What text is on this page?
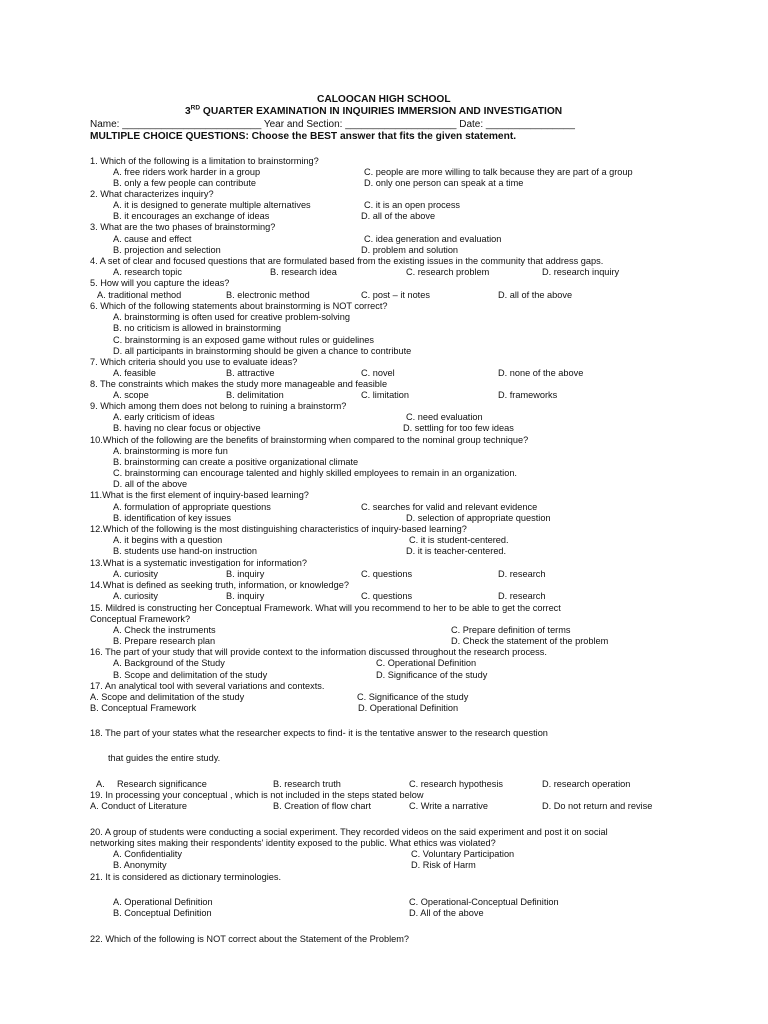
CALOOCAN HIGH SCHOOL
3RD QUARTER EXAMINATION IN INQUIRIES IMMERSION AND INVESTIGATION
Name: _________________________ Year and Section: ____________________ Date: ________________
MULTIPLE CHOICE QUESTIONS: Choose the BEST answer that fits the given statement.
1. Which of the following is a limitation to brainstorming?
A. free riders work harder in a group	C. people are more willing to talk because they are part of a group
B. only a few people can contribute	D. only one person can speak at a time
2. What characterizes inquiry?
A. it is designed to generate multiple alternatives	C. it is an open process
B. it encourages an exchange of ideas	D. all of the above
3. What are the two phases of brainstorming?
A. cause and effect	C. idea generation and evaluation
B. projection and selection	D. problem and solution
4. A set of clear and focused questions that are formulated based from the existing issues in the community that address gaps.
A. research topic	B. research idea	C. research problem	D. research inquiry
5. How will you capture the ideas?
A. traditional method	B. electronic method	C. post – it notes	D. all of the above
6. Which of the following statements about brainstorming is NOT correct?
A. brainstorming is often used for creative problem-solving
B. no criticism is allowed in brainstorming
C. brainstorming is an exposed game without rules or guidelines
D. all participants in brainstorming should be given a chance to contribute
7. Which criteria should you use to evaluate ideas?
A. feasible	B. attractive	C. novel	D. none of the above
8. The constraints which makes the study more manageable and feasible
A. scope	B. delimitation	C. limitation	D. frameworks
9. Which among them does not belong to ruining a brainstorm?
A. early criticism of ideas	C. need evaluation
B. having no clear focus or objective	D. settling for too few ideas
10.Which of the following are the benefits of brainstorming when compared to the nominal group technique?
A. brainstorming is more fun
B. brainstorming can create a positive organizational climate
C. brainstorming can encourage talented and highly skilled employees to remain in an organization.
D. all of the above
11.What is the first element of inquiry-based learning?
A. formulation of appropriate questions	C. searches for valid and relevant evidence
B. identification of key issues	D. selection of appropriate question
12.Which of the following is the most distinguishing characteristics of inquiry-based learning?
A. it begins with a question	C. it is student-centered.
B. students use hand-on instruction	D. it is teacher-centered.
13.What is a systematic investigation for information?
A. curiosity	B. inquiry	C. questions	D. research
14.What is defined as seeking truth, information, or knowledge?
A. curiosity	B. inquiry	C. questions	D. research
15. Mildred is constructing her Conceptual Framework. What will you recommend to her to be able to get the correct
Conceptual Framework?
A. Check the instruments	C. Prepare definition of terms
B. Prepare research plan	D. Check the statement of the problem
16. The part of your study that will provide context to the information discussed throughout the research process.
A. Background of the Study	C. Operational Definition
B. Scope and delimitation of the study	D. Significance of the study
17. An analytical tool with several variations and contexts.
A. Scope and delimitation of the study	C. Significance of the study
B. Conceptual Framework	D. Operational Definition
18. The part of your states what the researcher expects to find- it is the tentative answer to the research question
that guides the entire study.
A. Research significance	B. research truth	C. research hypothesis	D. research operation
19. In processing your conceptual , which is not included in the steps stated below
A. Conduct of Literature	B. Creation of flow chart	C. Write a narrative	D. Do not return and revise
20. A group of students were conducting a social experiment. They recorded videos on the said experiment and post it on social
networking sites making their respondents' identity exposed to the public. What ethics was violated?
A. Confidentiality	C. Voluntary Participation
B. Anonymity	D. Risk of Harm
21. It is considered as dictionary terminologies.
A. Operational Definition	C. Operational-Conceptual Definition
B. Conceptual Definition	D. All of the above
22. Which of the following is NOT correct about the Statement of the Problem?
